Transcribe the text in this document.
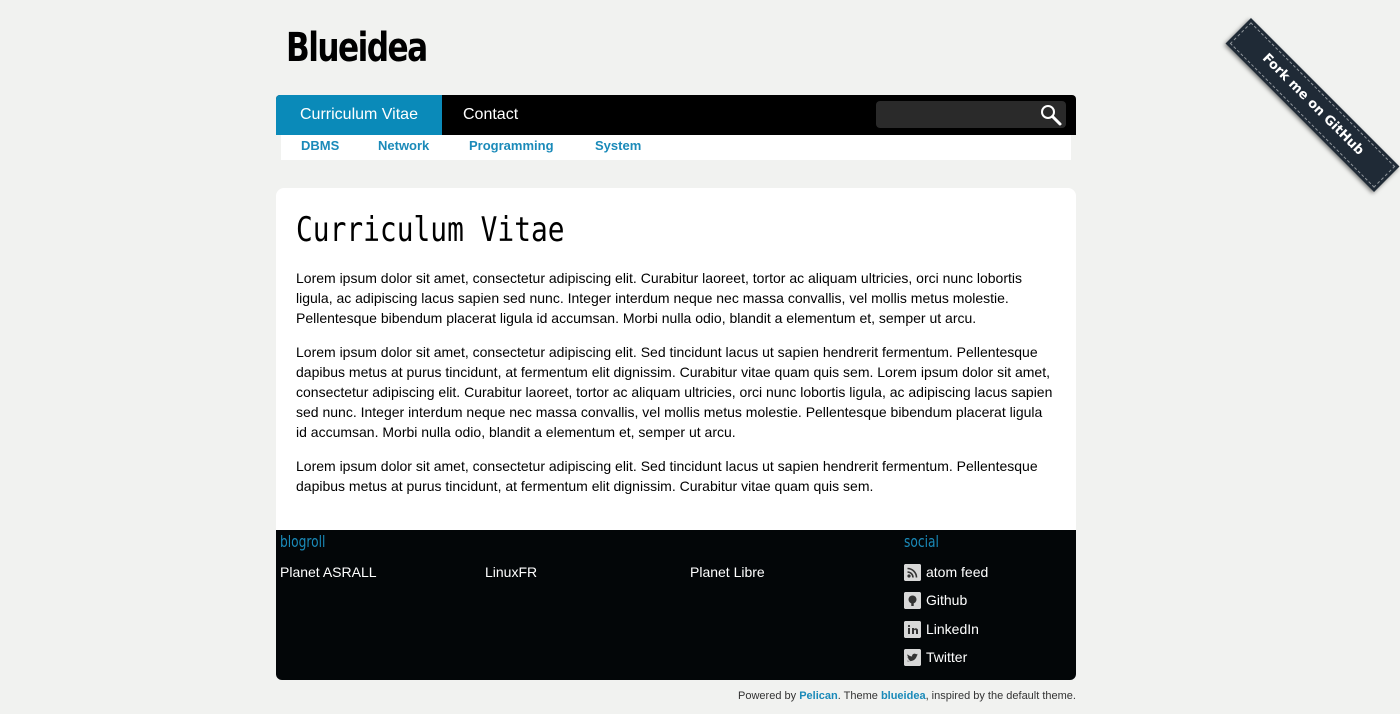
Blueidea
Curriculum Vitae	Contact
DBMS	Network	Programming	System
Curriculum Vitae

Lorem ipsum dolor sit amet, consectetur adipiscing elit. Curabitur laoreet, tortor ac aliquam ultricies, orci nunc lobortis ligula, ac adipiscing lacus sapien sed nunc. Integer interdum neque nec massa convallis, vel mollis metus molestie. Pellentesque bibendum placerat ligula id accumsan. Morbi nulla odio, blandit a elementum et, semper ut arcu.

Lorem ipsum dolor sit amet, consectetur adipiscing elit. Sed tincidunt lacus ut sapien hendrerit fermentum. Pellentesque dapibus metus at purus tincidunt, at fermentum elit dignissim. Curabitur vitae quam quis sem. Lorem ipsum dolor sit amet, consectetur adipiscing elit. Curabitur laoreet, tortor ac aliquam ultricies, orci nunc lobortis ligula, ac adipiscing lacus sapien sed nunc. Integer interdum neque nec massa convallis, vel mollis metus molestie. Pellentesque bibendum placerat ligula id accumsan. Morbi nulla odio, blandit a elementum et, semper ut arcu.

Lorem ipsum dolor sit amet, consectetur adipiscing elit. Sed tincidunt lacus ut sapien hendrerit fermentum. Pellentesque dapibus metus at purus tincidunt, at fermentum elit dignissim. Curabitur vitae quam quis sem.

blogroll
Planet ASRALL	LinuxFR	Planet Libre
social
atom feed
Github
LinkedIn
Twitter
Powered by Pelican. Theme blueidea, inspired by the default theme.
Fork me on GitHub
